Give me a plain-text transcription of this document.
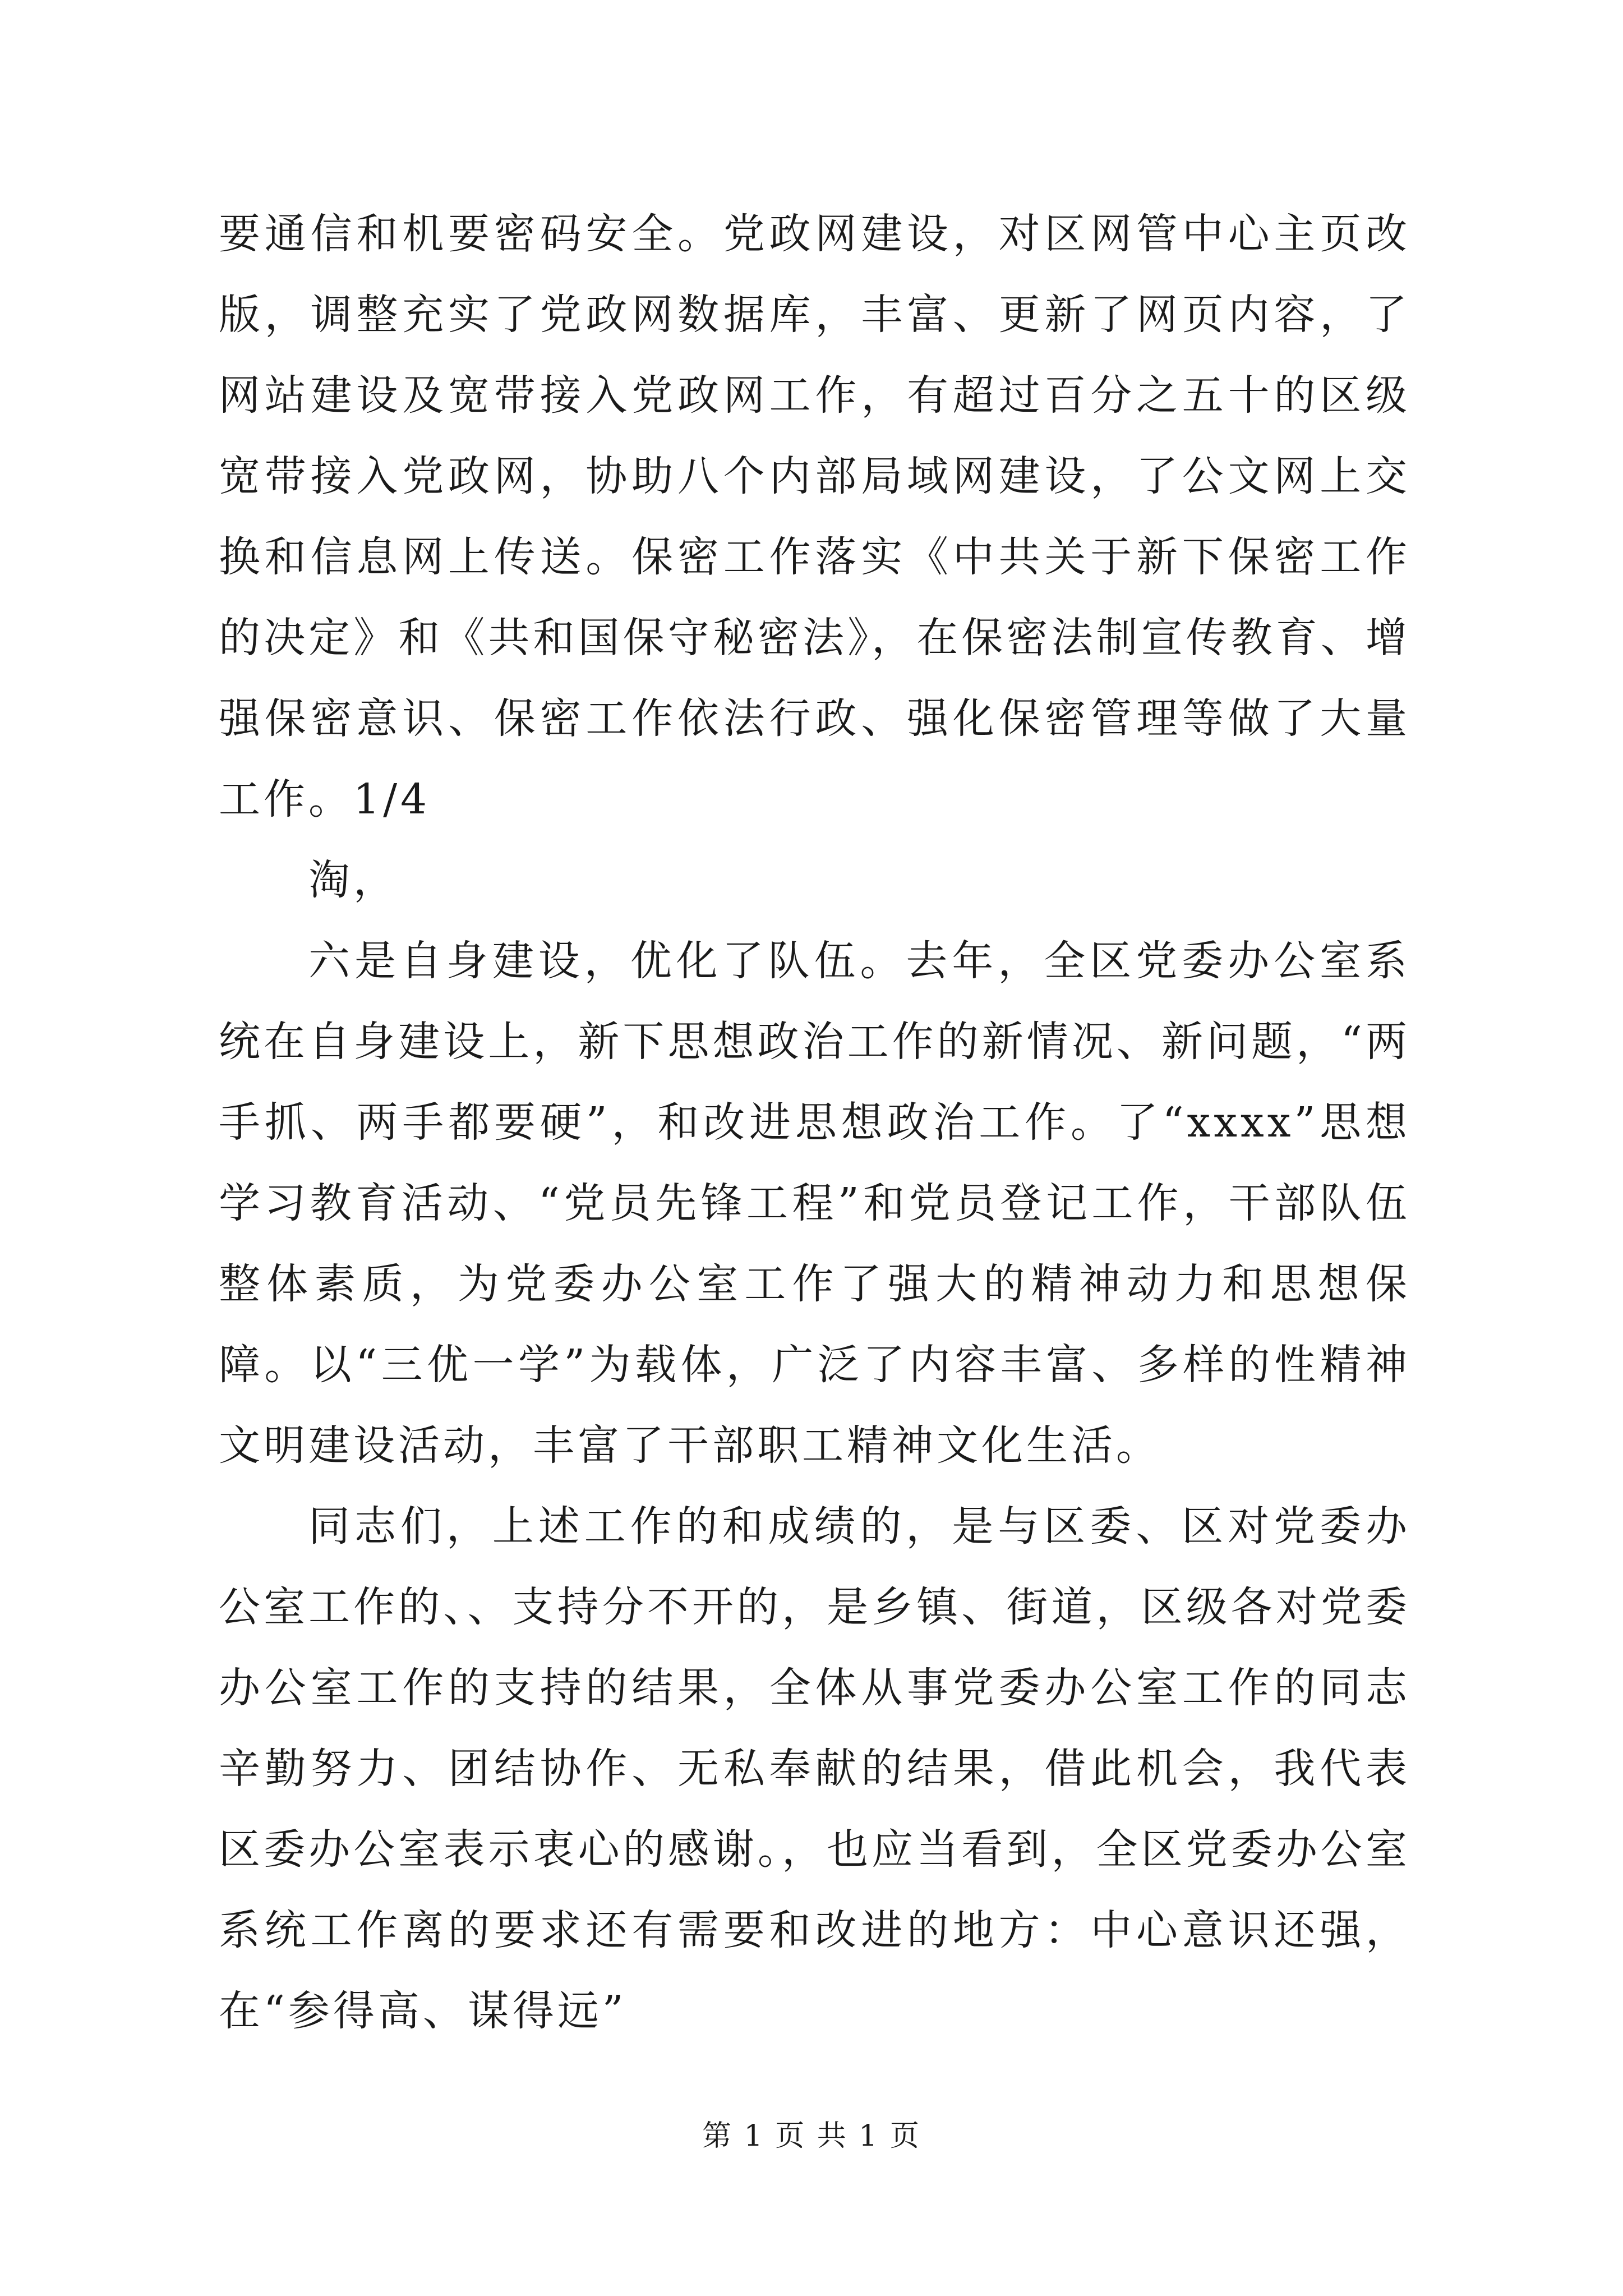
要通信和机要密码安全。党政网建设，对区网管中心主页改版，调整充实了党政网数据库，丰富、更新了网页内容，了网站建设及宽带接入党政网工作，有超过百分之五十的区级宽带接入党政网，协助八个内部局域网建设，了公文网上交换和信息网上传送。保密工作落实《中共关于新下保密工作的决定》和《共和国保守秘密法》，在保密法制宣传教育、增强保密意识、保密工作依法行政、强化保密管理等做了大量工作。1/4

淘，

六是自身建设，优化了队伍。去年，全区党委办公室系统在自身建设上，新下思想政治工作的新情况、新问题，“两手抓、两手都要硬”，和改进思想政治工作。了“xxxx”思想学习教育活动、“党员先锋工程”和党员登记工作，干部队伍整体素质，为党委办公室工作了强大的精神动力和思想保障。以“三优一学”为载体，广泛了内容丰富、多样的性精神文明建设活动，丰富了干部职工精神文化生活。

同志们，上述工作的和成绩的，是与区委、区对党委办公室工作的、、支持分不开的，是乡镇、街道，区级各对党委办公室工作的支持的结果，全体从事党委办公室工作的同志辛勤努力、团结协作、无私奉献的结果，借此机会，我代表区委办公室表示衷心的感谢。，也应当看到，全区党委办公室系统工作离的要求还有需要和改进的地方：中心意识还强，在“参得高、谋得远”

第 1 页 共 1 页
